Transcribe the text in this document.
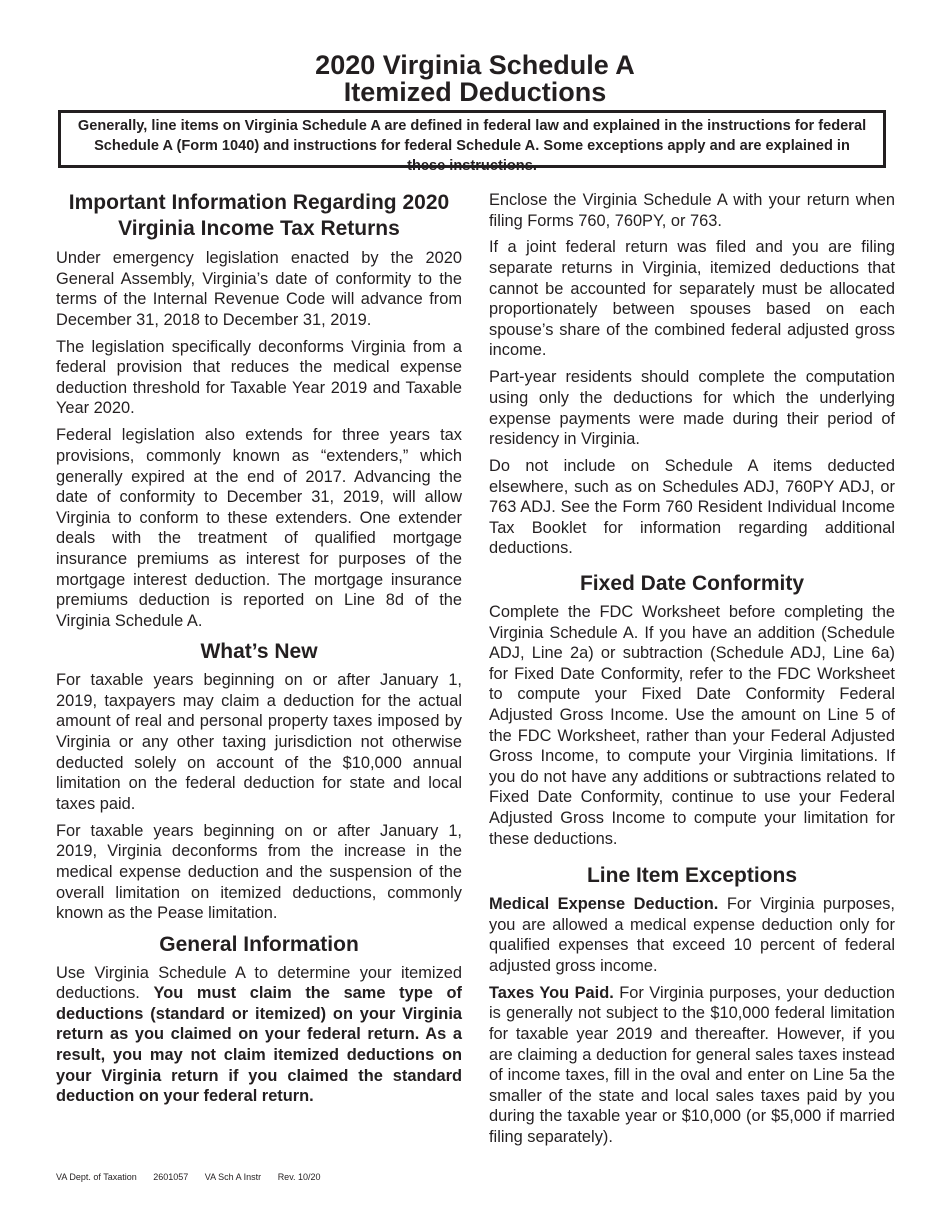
2020 Virginia Schedule A
Itemized Deductions
Generally, line items on Virginia Schedule A are defined in federal law and explained in the instructions for federal Schedule A (Form 1040) and instructions for federal Schedule A. Some exceptions apply and are explained in these instructions.
Important Information Regarding 2020
Virginia Income Tax Returns

Under emergency legislation enacted by the 2020 General Assembly, Virginia’s date of conformity to the terms of the Internal Revenue Code will advance from December 31, 2018 to December 31, 2019.

The legislation specifically deconforms Virginia from a federal provision that reduces the medical expense deduction threshold for Taxable Year 2019 and Taxable Year 2020.

Federal legislation also extends for three years tax provisions, commonly known as “extenders,” which generally expired at the end of 2017. Advancing the date of conformity to December 31, 2019, will allow Virginia to conform to these extenders. One extender deals with the treatment of qualified mortgage insurance premiums as interest for purposes of the mortgage interest deduction. The mortgage insurance premiums deduction is reported on Line 8d of the Virginia Schedule A.

What’s New

For taxable years beginning on or after January 1, 2019, taxpayers may claim a deduction for the actual amount of real and personal property taxes imposed by Virginia or any other taxing jurisdiction not otherwise deducted solely on account of the $10,000 annual limitation on the federal deduction for state and local taxes paid.

For taxable years beginning on or after January 1, 2019, Virginia deconforms from the increase in the medical expense deduction and the suspension of the overall limitation on itemized deductions, commonly known as the Pease limitation.

General Information

Use Virginia Schedule A to determine your itemized deductions. You must claim the same type of deductions (standard or itemized) on your Virginia return as you claimed on your federal return. As a result, you may not claim itemized deductions on your Virginia return if you claimed the standard deduction on your federal return.

Enclose the Virginia Schedule A with your return when filing Forms 760, 760PY, or 763.

If a joint federal return was filed and you are filing separate returns in Virginia, itemized deductions that cannot be accounted for separately must be allocated proportionately between spouses based on each spouse’s share of the combined federal adjusted gross income.

Part-year residents should complete the computation using only the deductions for which the underlying expense payments were made during their period of residency in Virginia.

Do not include on Schedule A items deducted elsewhere, such as on Schedules ADJ, 760PY ADJ, or 763 ADJ. See the Form 760 Resident Individual Income Tax Booklet for information regarding additional deductions.

Fixed Date Conformity

Complete the FDC Worksheet before completing the Virginia Schedule A. If you have an addition (Schedule ADJ, Line 2a) or subtraction (Schedule ADJ, Line 6a) for Fixed Date Conformity, refer to the FDC Worksheet to compute your Fixed Date Conformity Federal Adjusted Gross Income. Use the amount on Line 5 of the FDC Worksheet, rather than your Federal Adjusted Gross Income, to compute your Virginia limitations. If you do not have any additions or subtractions related to Fixed Date Conformity, continue to use your Federal Adjusted Gross Income to compute your limitation for these deductions.

Line Item Exceptions

Medical Expense Deduction. For Virginia purposes, you are allowed a medical expense deduction only for qualified expenses that exceed 10 percent of federal adjusted gross income.

Taxes You Paid. For Virginia purposes, your deduction is generally not subject to the $10,000 federal limitation for taxable year 2019 and thereafter. However, if you are claiming a deduction for general sales taxes instead of income taxes, fill in the oval and enter on Line 5a the smaller of the state and local sales taxes paid by you during the taxable year or $10,000 (or $5,000 if married filing separately).

VA Dept. of Taxation 2601057 VA Sch A Instr Rev. 10/20
